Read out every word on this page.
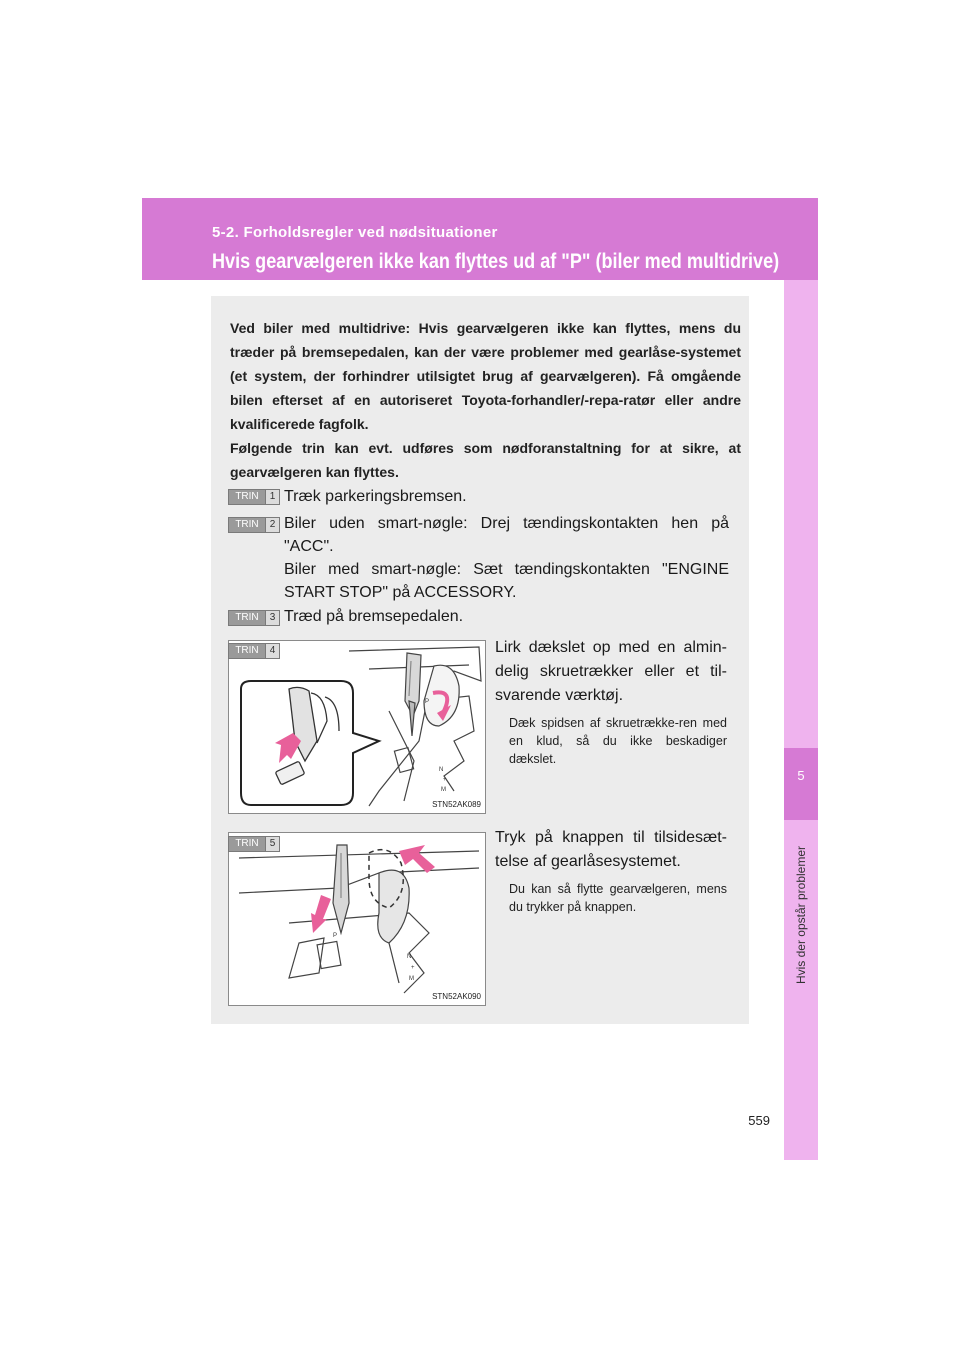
5-2. Forholdsregler ved nødsituationer
Hvis gearvælgeren ikke kan flyttes ud af "P" (biler med multidrive)
5
Hvis der opstår problemer

Ved biler med multidrive: Hvis gearvælgeren ikke kan flyttes, mens du træder på bremsepedalen, kan der være problemer med gearlåse-systemet (et system, der forhindrer utilsigtet brug af gearvælgeren). Få omgående bilen efterset af en autoriseret Toyota-forhandler/-repa-ratør eller andre kvalificerede fagfolk.
Følgende trin kan evt. udføres som nødforanstaltning for at sikre, at gearvælgeren kan flyttes.

TRIN	1 Træk parkeringsbremsen.

TRIN	2 Biler uden smart-nøgle: Drej tændingskontakten hen på "ACC".
Biler med smart-nøgle: Sæt tændingskontakten "ENGINE START STOP" på ACCESSORY.

TRIN	3 Træd på bremsepedalen.

N
+
M
P
STN52AK089
TRIN	4	Lirk dækslet op med en almin-delig skruetrækker eller et til-svarende værktøj.

Dæk spidsen af skruetrække-ren med en klud, så du ikke beskadiger dækslet.

N
+
M
P
STN52AK090
TRIN	5	Tryk på knappen til tilsidesæt-telse af gearlåsesystemet.

Du kan så flytte gearvælgeren, mens du trykker på knappen.

559
